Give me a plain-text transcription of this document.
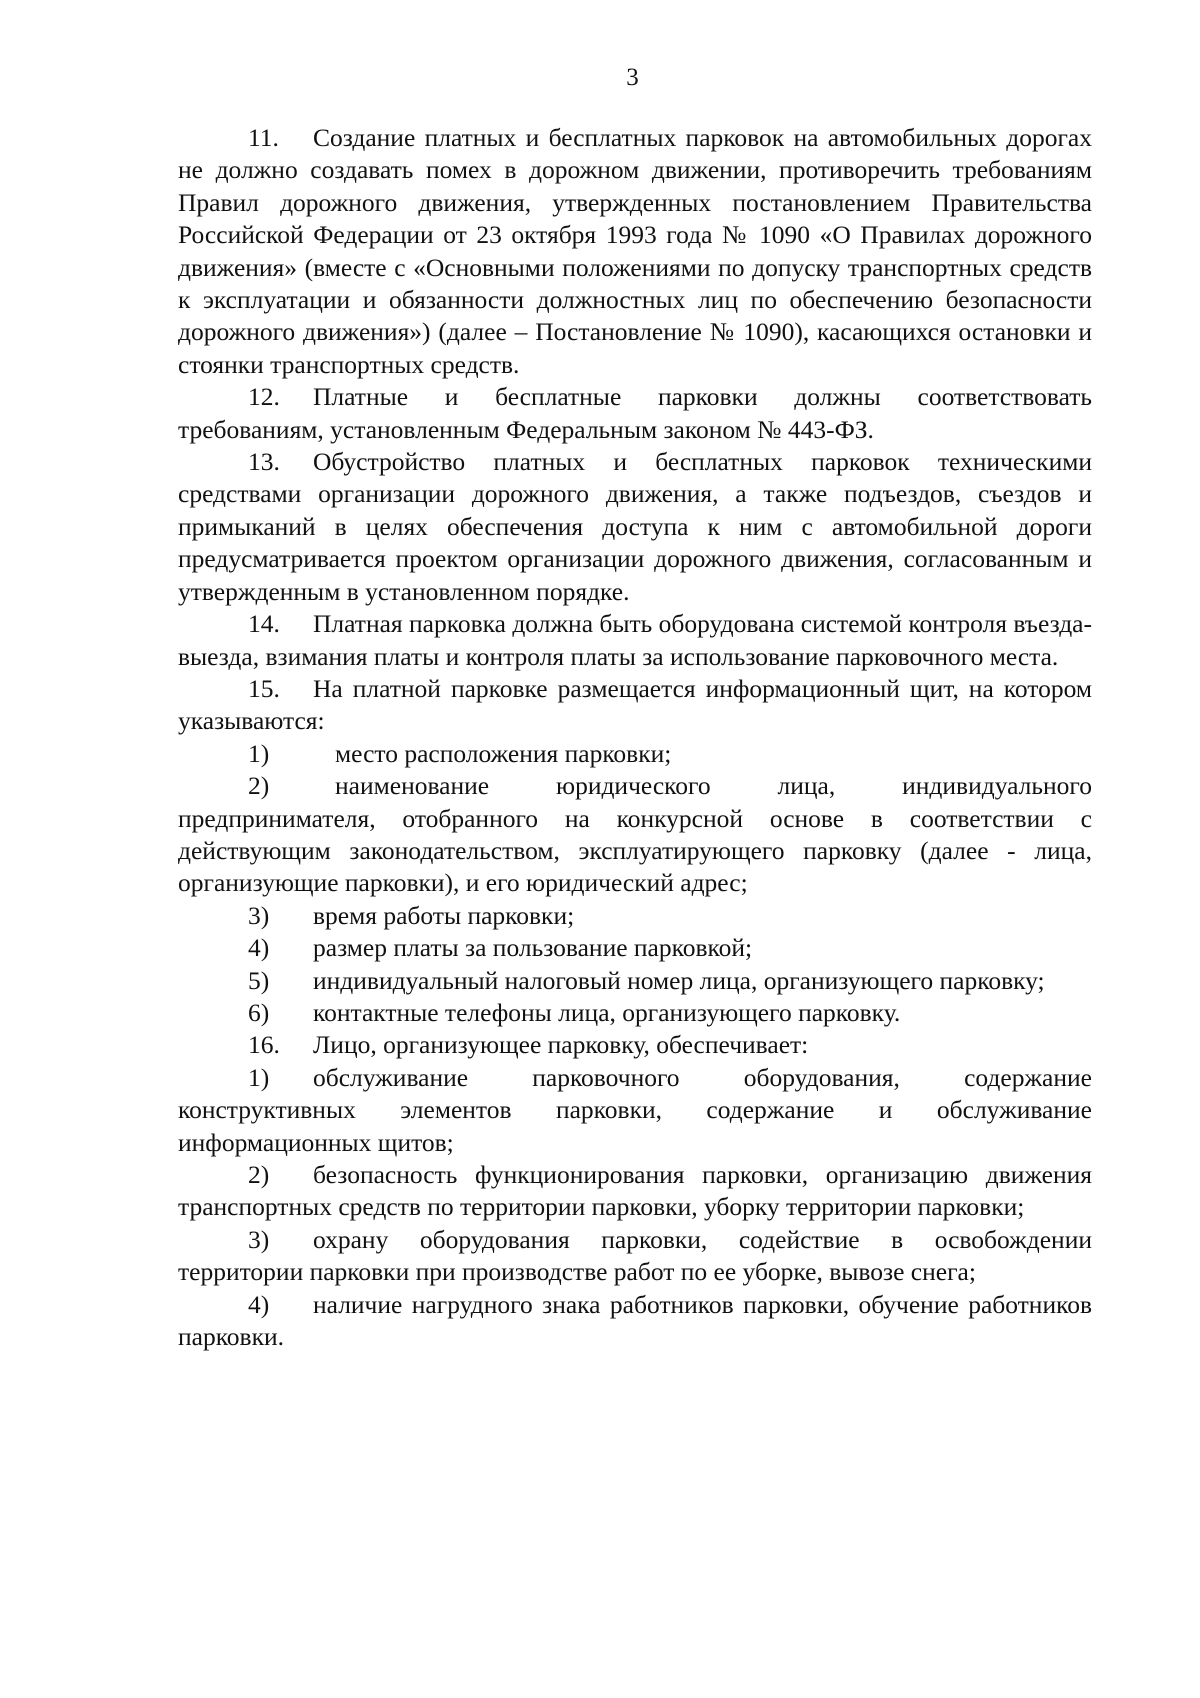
3

11. Создание платных и бесплатных парковок на автомобильных дорогах не должно создавать помех в дорожном движении, противоречить требованиям Правил дорожного движения, утвержденных постановлением Правительства Российской Федерации от 23 октября 1993 года № 1090 «О Правилах дорожного движения» (вместе с «Основными положениями по допуску транспортных средств к эксплуатации и обязанности должностных лиц по обеспечению безопасности дорожного движения») (далее – Постановление № 1090), касающихся остановки и стоянки транспортных средств.

12. Платные и бесплатные парковки должны соответствовать требованиям, установленным Федеральным законом № 443-ФЗ.

13. Обустройство платных и бесплатных парковок техническими средствами организации дорожного движения, а также подъездов, съездов и примыканий в целях обеспечения доступа к ним с автомобильной дороги предусматривается проектом организации дорожного движения, согласованным и утвержденным в установленном порядке.

14. Платная парковка должна быть оборудована системой контроля въезда-выезда, взимания платы и контроля платы за использование парковочного места.

15. На платной парковке размещается информационный щит, на котором указываются:

1)	место расположения парковки;

2)	наименование юридического лица, индивидуального предпринимателя, отобранного на конкурсной основе в соответствии с действующим законодательством, эксплуатирующего парковку (далее - лица, организующие парковки), и его юридический адрес;

3) время работы парковки;

4) размер платы за пользование парковкой;

5) индивидуальный налоговый номер лица, организующего парковку;

6) контактные телефоны лица, организующего парковку.

16. Лицо, организующее парковку, обеспечивает:

1) обслуживание парковочного оборудования, содержание конструктивных элементов парковки, содержание и обслуживание информационных щитов;

2) безопасность функционирования парковки, организацию движения транспортных средств по территории парковки, уборку территории парковки;

3) охрану оборудования парковки, содействие в освобождении территории парковки при производстве работ по ее уборке, вывозе снега;

4) наличие нагрудного знака работников парковки, обучение работников парковки.
